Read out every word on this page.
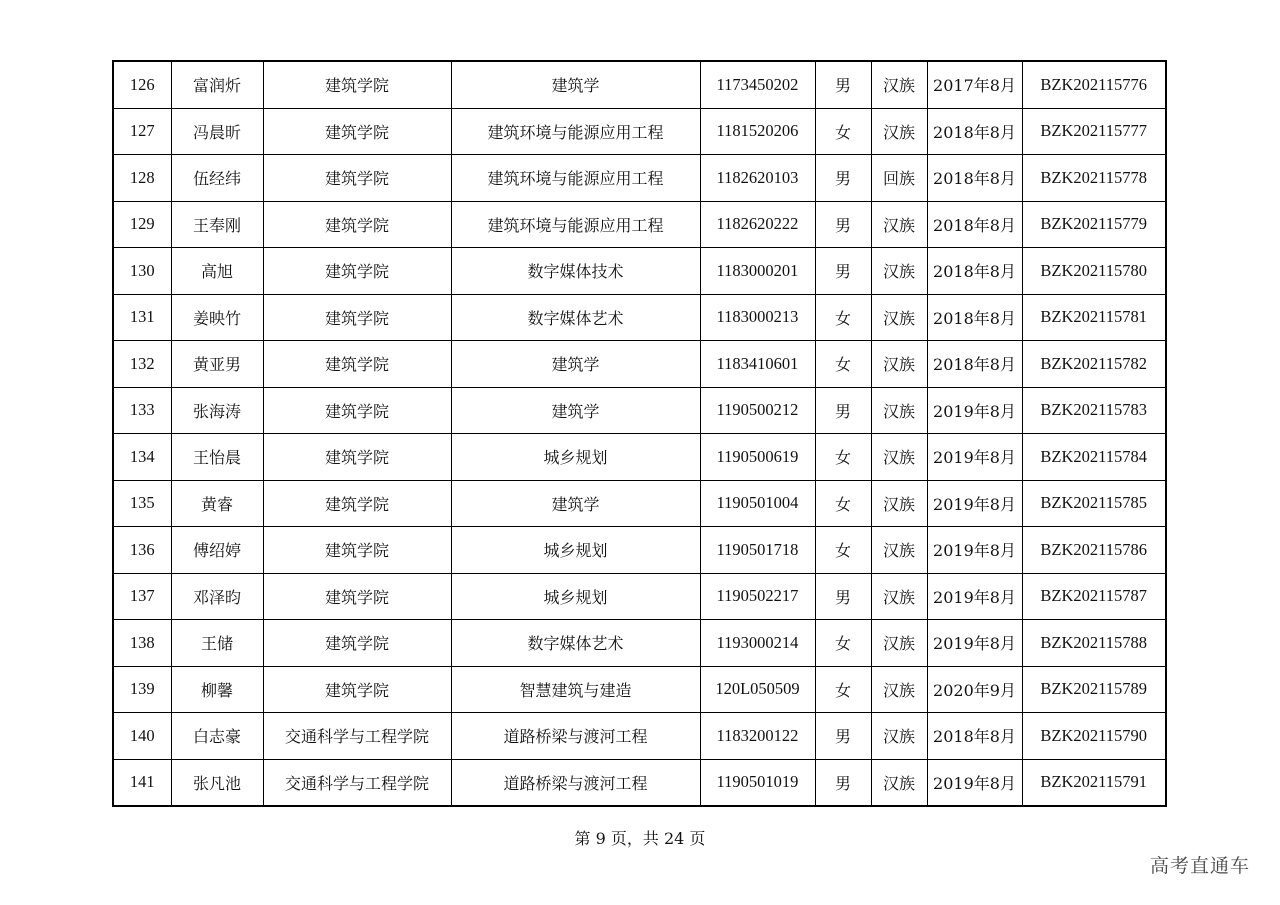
126	富润炘	建筑学院	建筑学	1173450202	男	汉族	2017年8月	BZK202115776
127	冯晨昕	建筑学院	建筑环境与能源应用工程	1181520206	女	汉族	2018年8月	BZK202115777
128	伍经纬	建筑学院	建筑环境与能源应用工程	1182620103	男	回族	2018年8月	BZK202115778
129	王奉刚	建筑学院	建筑环境与能源应用工程	1182620222	男	汉族	2018年8月	BZK202115779
130	高旭	建筑学院	数字媒体技术	1183000201	男	汉族	2018年8月	BZK202115780
131	姜映竹	建筑学院	数字媒体艺术	1183000213	女	汉族	2018年8月	BZK202115781
132	黄亚男	建筑学院	建筑学	1183410601	女	汉族	2018年8月	BZK202115782
133	张海涛	建筑学院	建筑学	1190500212	男	汉族	2019年8月	BZK202115783
134	王怡晨	建筑学院	城乡规划	1190500619	女	汉族	2019年8月	BZK202115784
135	黄睿	建筑学院	建筑学	1190501004	女	汉族	2019年8月	BZK202115785
136	傅绍婷	建筑学院	城乡规划	1190501718	女	汉族	2019年8月	BZK202115786
137	邓泽昀	建筑学院	城乡规划	1190502217	男	汉族	2019年8月	BZK202115787
138	王储	建筑学院	数字媒体艺术	1193000214	女	汉族	2019年8月	BZK202115788
139	柳馨	建筑学院	智慧建筑与建造	120L050509	女	汉族	2020年9月	BZK202115789
140	白志豪	交通科学与工程学院	道路桥梁与渡河工程	1183200122	男	汉族	2018年8月	BZK202115790
141	张凡池	交通科学与工程学院	道路桥梁与渡河工程	1190501019	男	汉族	2019年8月	BZK202115791
第 9 页，共 24 页
高考直通车
